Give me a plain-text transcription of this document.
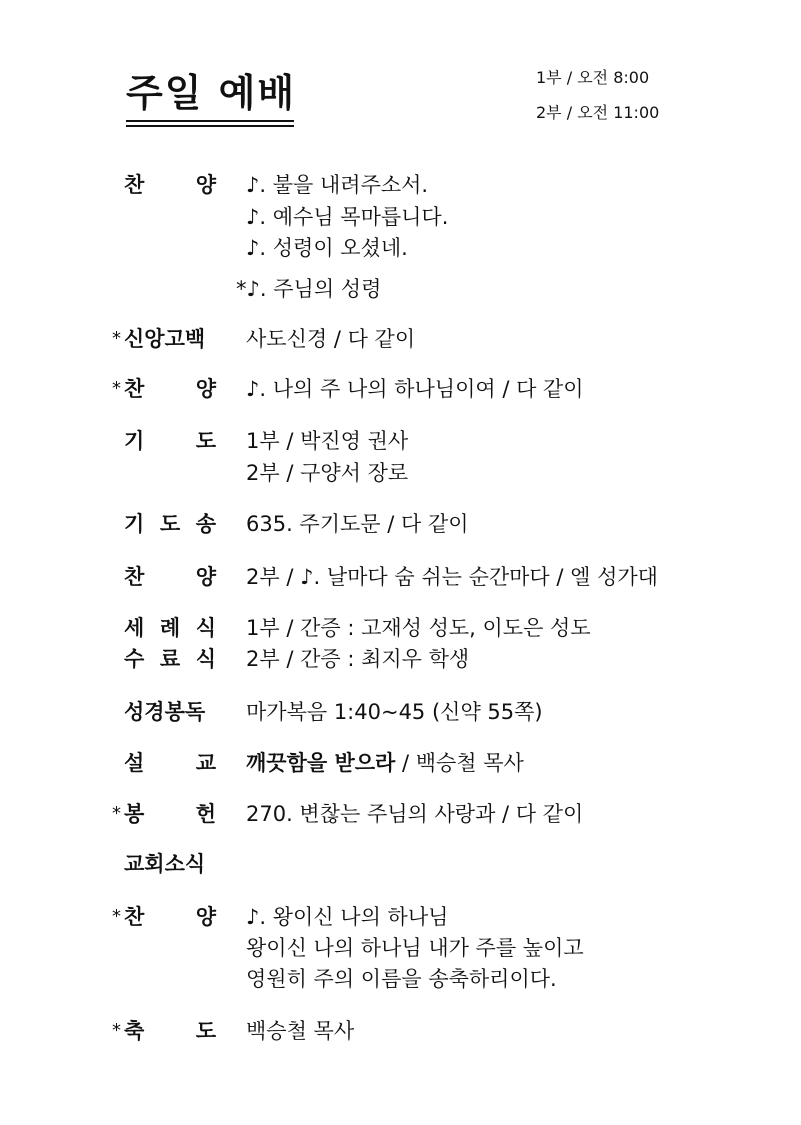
주일 예배	1부 / 오전 8:00
2부 / 오전 11:00
찬 양 ♪. 불을 내려주소서.
♪. 예수님 목마릅니다.
♪. 성령이 오셨네.
*♪. 주님의 성령
* 신앙고백 사도신경 / 다 같이
* 찬 양 ♪. 나의 주 나의 하나님이여 / 다 같이
기 도 1부 / 박진영 권사
2부 / 구양서 장로
기 도 송 635. 주기도문 / 다 같이
찬 양 2부 / ♪. 날마다 숨 쉬는 순간마다 / 엘 성가대
세 례 식 1부 / 간증 : 고재성 성도, 이도은 성도
수 료 식 2부 / 간증 : 최지우 학생
성경봉독 마가복음 1:40~45 (신약 55쪽)
설 교 깨끗함을 받으라 / 백승철 목사
* 봉 헌 270. 변찮는 주님의 사랑과 / 다 같이
교회소식
* 찬 양 ♪. 왕이신 나의 하나님
왕이신 나의 하나님 내가 주를 높이고
영원히 주의 이름을 송축하리이다.
* 축 도 백승철 목사
